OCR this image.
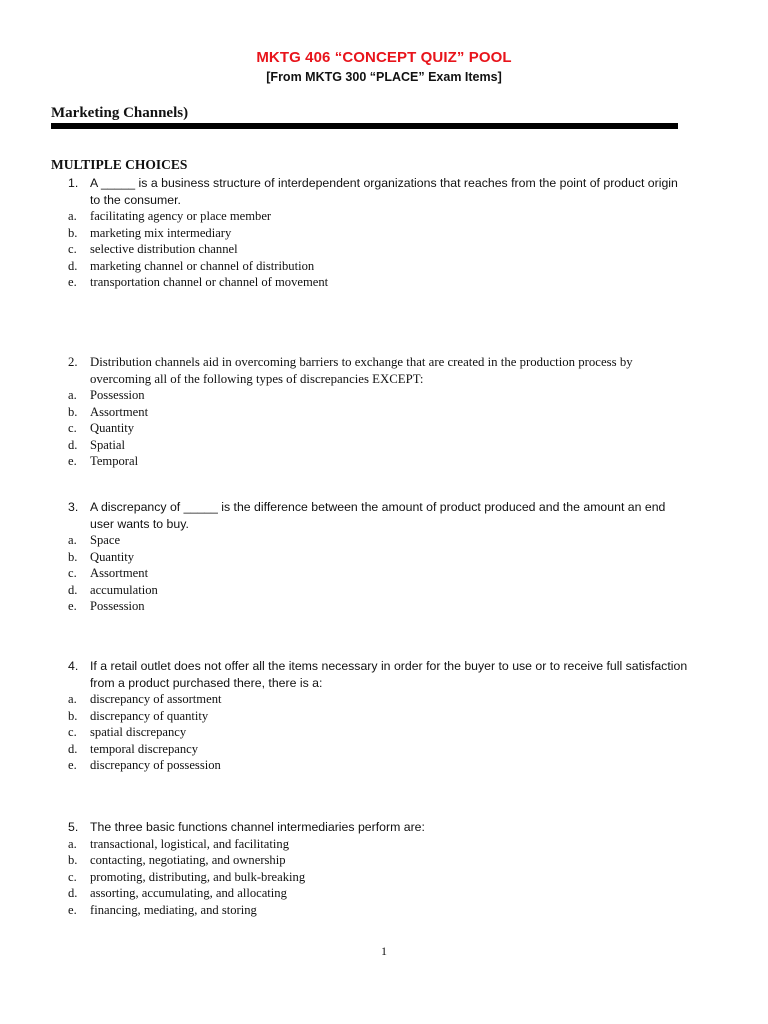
MKTG 406 “CONCEPT QUIZ” POOL
[From MKTG 300 “PLACE” Exam Items]
Marketing Channels)
MULTIPLE CHOICES
1. A _____ is a business structure of interdependent organizations that reaches from the point of product origin to the consumer.
a.	facilitating agency or place member
b. marketing mix intermediary
c.	selective distribution channel
d. marketing channel or channel of distribution
e.	transportation channel or channel of movement
2. Distribution channels aid in overcoming barriers to exchange that are created in the production process by overcoming all of the following types of discrepancies EXCEPT:
a.	Possession
b. Assortment
c.	Quantity
d. Spatial
e.	Temporal
3. A discrepancy of _____ is the difference between the amount of product produced and the amount an end user wants to buy.
a.	Space
b. Quantity
c.	Assortment
d. accumulation
e.	Possession
4. If a retail outlet does not offer all the items necessary in order for the buyer to use or to receive full satisfaction from a product purchased there, there is a:
a.	discrepancy of assortment
b. discrepancy of quantity
c.	spatial discrepancy
d. temporal discrepancy
e.	discrepancy of possession
5. The three basic functions channel intermediaries perform are:
a.	transactional, logistical, and facilitating
b. contacting, negotiating, and ownership
c.	promoting, distributing, and bulk-breaking
d. assorting, accumulating, and allocating
e.	financing, mediating, and storing
1
